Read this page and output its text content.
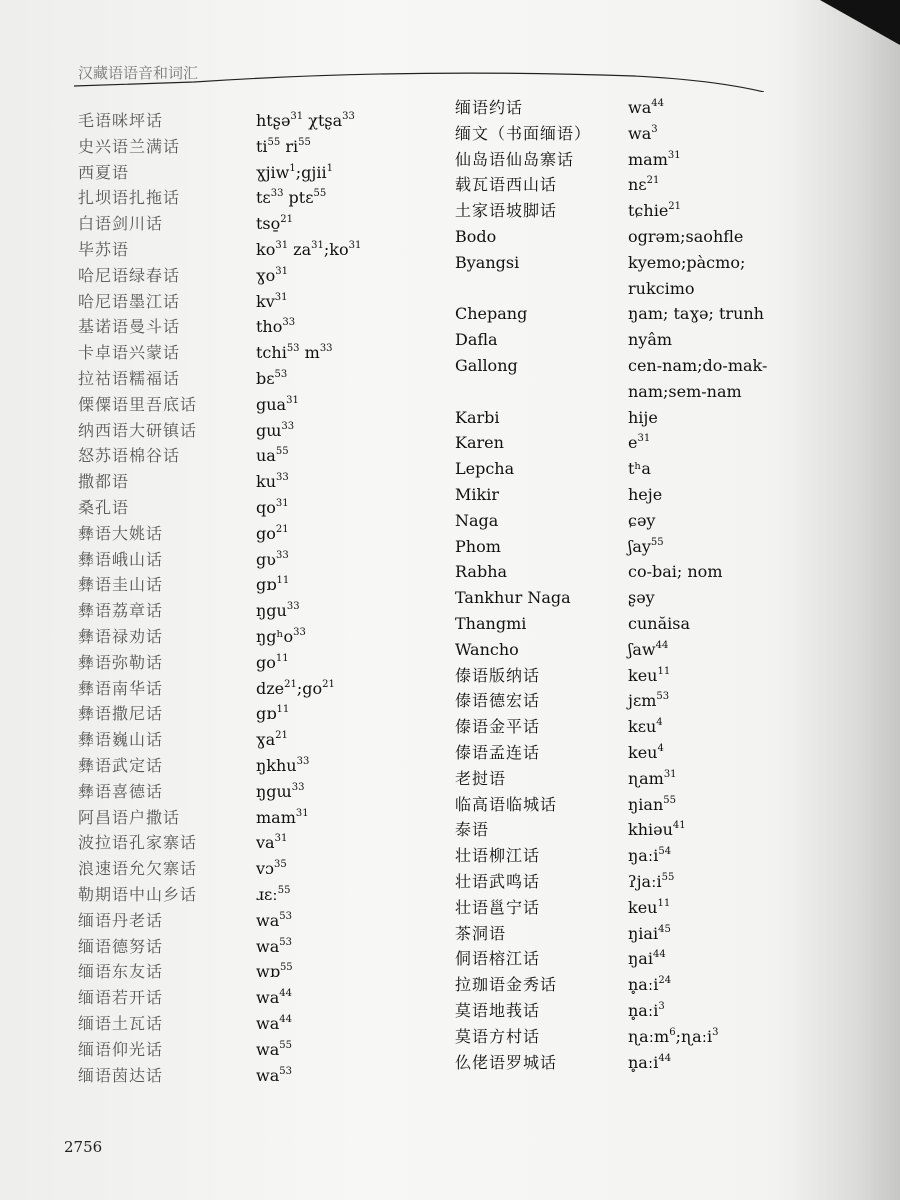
汉藏语语音和词汇
毛语咪坪话	htʂə$^{31}$ χtʂa$^{33}$
史兴语兰满话	$ti^{55}$ $ri^{55}$
西夏语	ɣjiw$^1$;gjii$^1$
扎坝语扎拖话	tɛ$^{33}$ ptɛ$^{55}$
白语剑川话	tso̱$^{21}$
毕苏语	$ko^{31}$ $za^{31};ko^{31}$
哈尼语绿春话	ɣo$^{31}$
哈尼语墨江话	$kv^{31}$
基诺语曼斗话	tho$^{33}$
卡卓语兴蒙话	tchi$^{53}$ $m^{33}$
拉祜语糯福话	bɛ$^{53}$
傈僳语里吾底话	gua$^{31}$
纳西语大研镇话	gɯ$^{33}$
怒苏语棉谷话	$ua^{55}$
撒都语	$ku^{33}$
桑孔语	$qo^{31}$
彝语大姚话	$go^{21}$
彝语峨山话	gʋ$^{33}$
彝语圭山话	gɒ$^{11}$
彝语荔章话	ŋgu$^{33}$
彝语禄劝话	ŋgʰo$^{33}$
彝语弥勒话	$go^{11}$
彝语南华话	$dze^{21};go^{21}$
彝语撒尼话	gɒ$^{11}$
彝语巍山话	ɣa$^{21}$
彝语武定话	ŋkhu$^{33}$
彝语喜德话	ŋgɯ$^{33}$
阿昌语户撒话	mam$^{31}$
波拉语孔家寨话	$va^{31}$
浪速语允欠寨话	vɔ$^{35}$
勒期语中山乡话	ɹɛː$^{55}$
缅语丹老话	$wa^{53}$
缅语德努话	$wa^{53}$
缅语东友话	wɒ$^{55}$
缅语若开话	$wa^{44}$
缅语土瓦话	$wa^{44}$
缅语仰光话	$wa^{55}$
缅语茵达话	$wa^{53}$
缅语约话	$wa^{44}$
缅文（书面缅语） $wa^3$
仙岛语仙岛寨话	mam$^{31}$
载瓦语西山话	nɛ$^{21}$
土家语坡脚话	tɕhie$^{21}$
Bodo	ogrəm;saohfle
Byangsi	kyemo;pàcmo;
rukcimo
Chepang	ŋam; taɣə; trunh
Dafla	nyâm
Gallong	cen-nam;do-mak-
nam;sem-nam
Karbi	hije
Karen	$e^{31}$
Lepcha	tʰa
Mikir	heje
Naga	ɕəy
Phom	ʃay$^{55}$
Rabha	co-bai; nom
Tankhur Naga	ʂəy
Thangmi	cunăisa
Wancho	ʃaw$^{44}$
傣语版纳话	keu$^{11}$
傣语德宏话	jɛm$^{53}$
傣语金平话	kɛu$^4$
傣语孟连话	keu$^4$
老挝语	ɳam$^{31}$
临高语临城话	ŋian$^{55}$
泰语	khiəu$^{41}$
壮语柳江话	ŋaːi$^{54}$
壮语武鸣话	ʔjaːi$^{55}$
壮语邕宁话	keu$^{11}$
茶洞语	ŋiai$^{45}$
侗语榕江话	ŋai$^{44}$
拉珈语金秀话	n̥aːi$^{24}$
莫语地莪话	n̥aːi$^3$
莫语方村话	ɳaːm$^6$;ɳaːi$^3$
仫佬语罗城话	n̥aːi$^{44}$
2756
